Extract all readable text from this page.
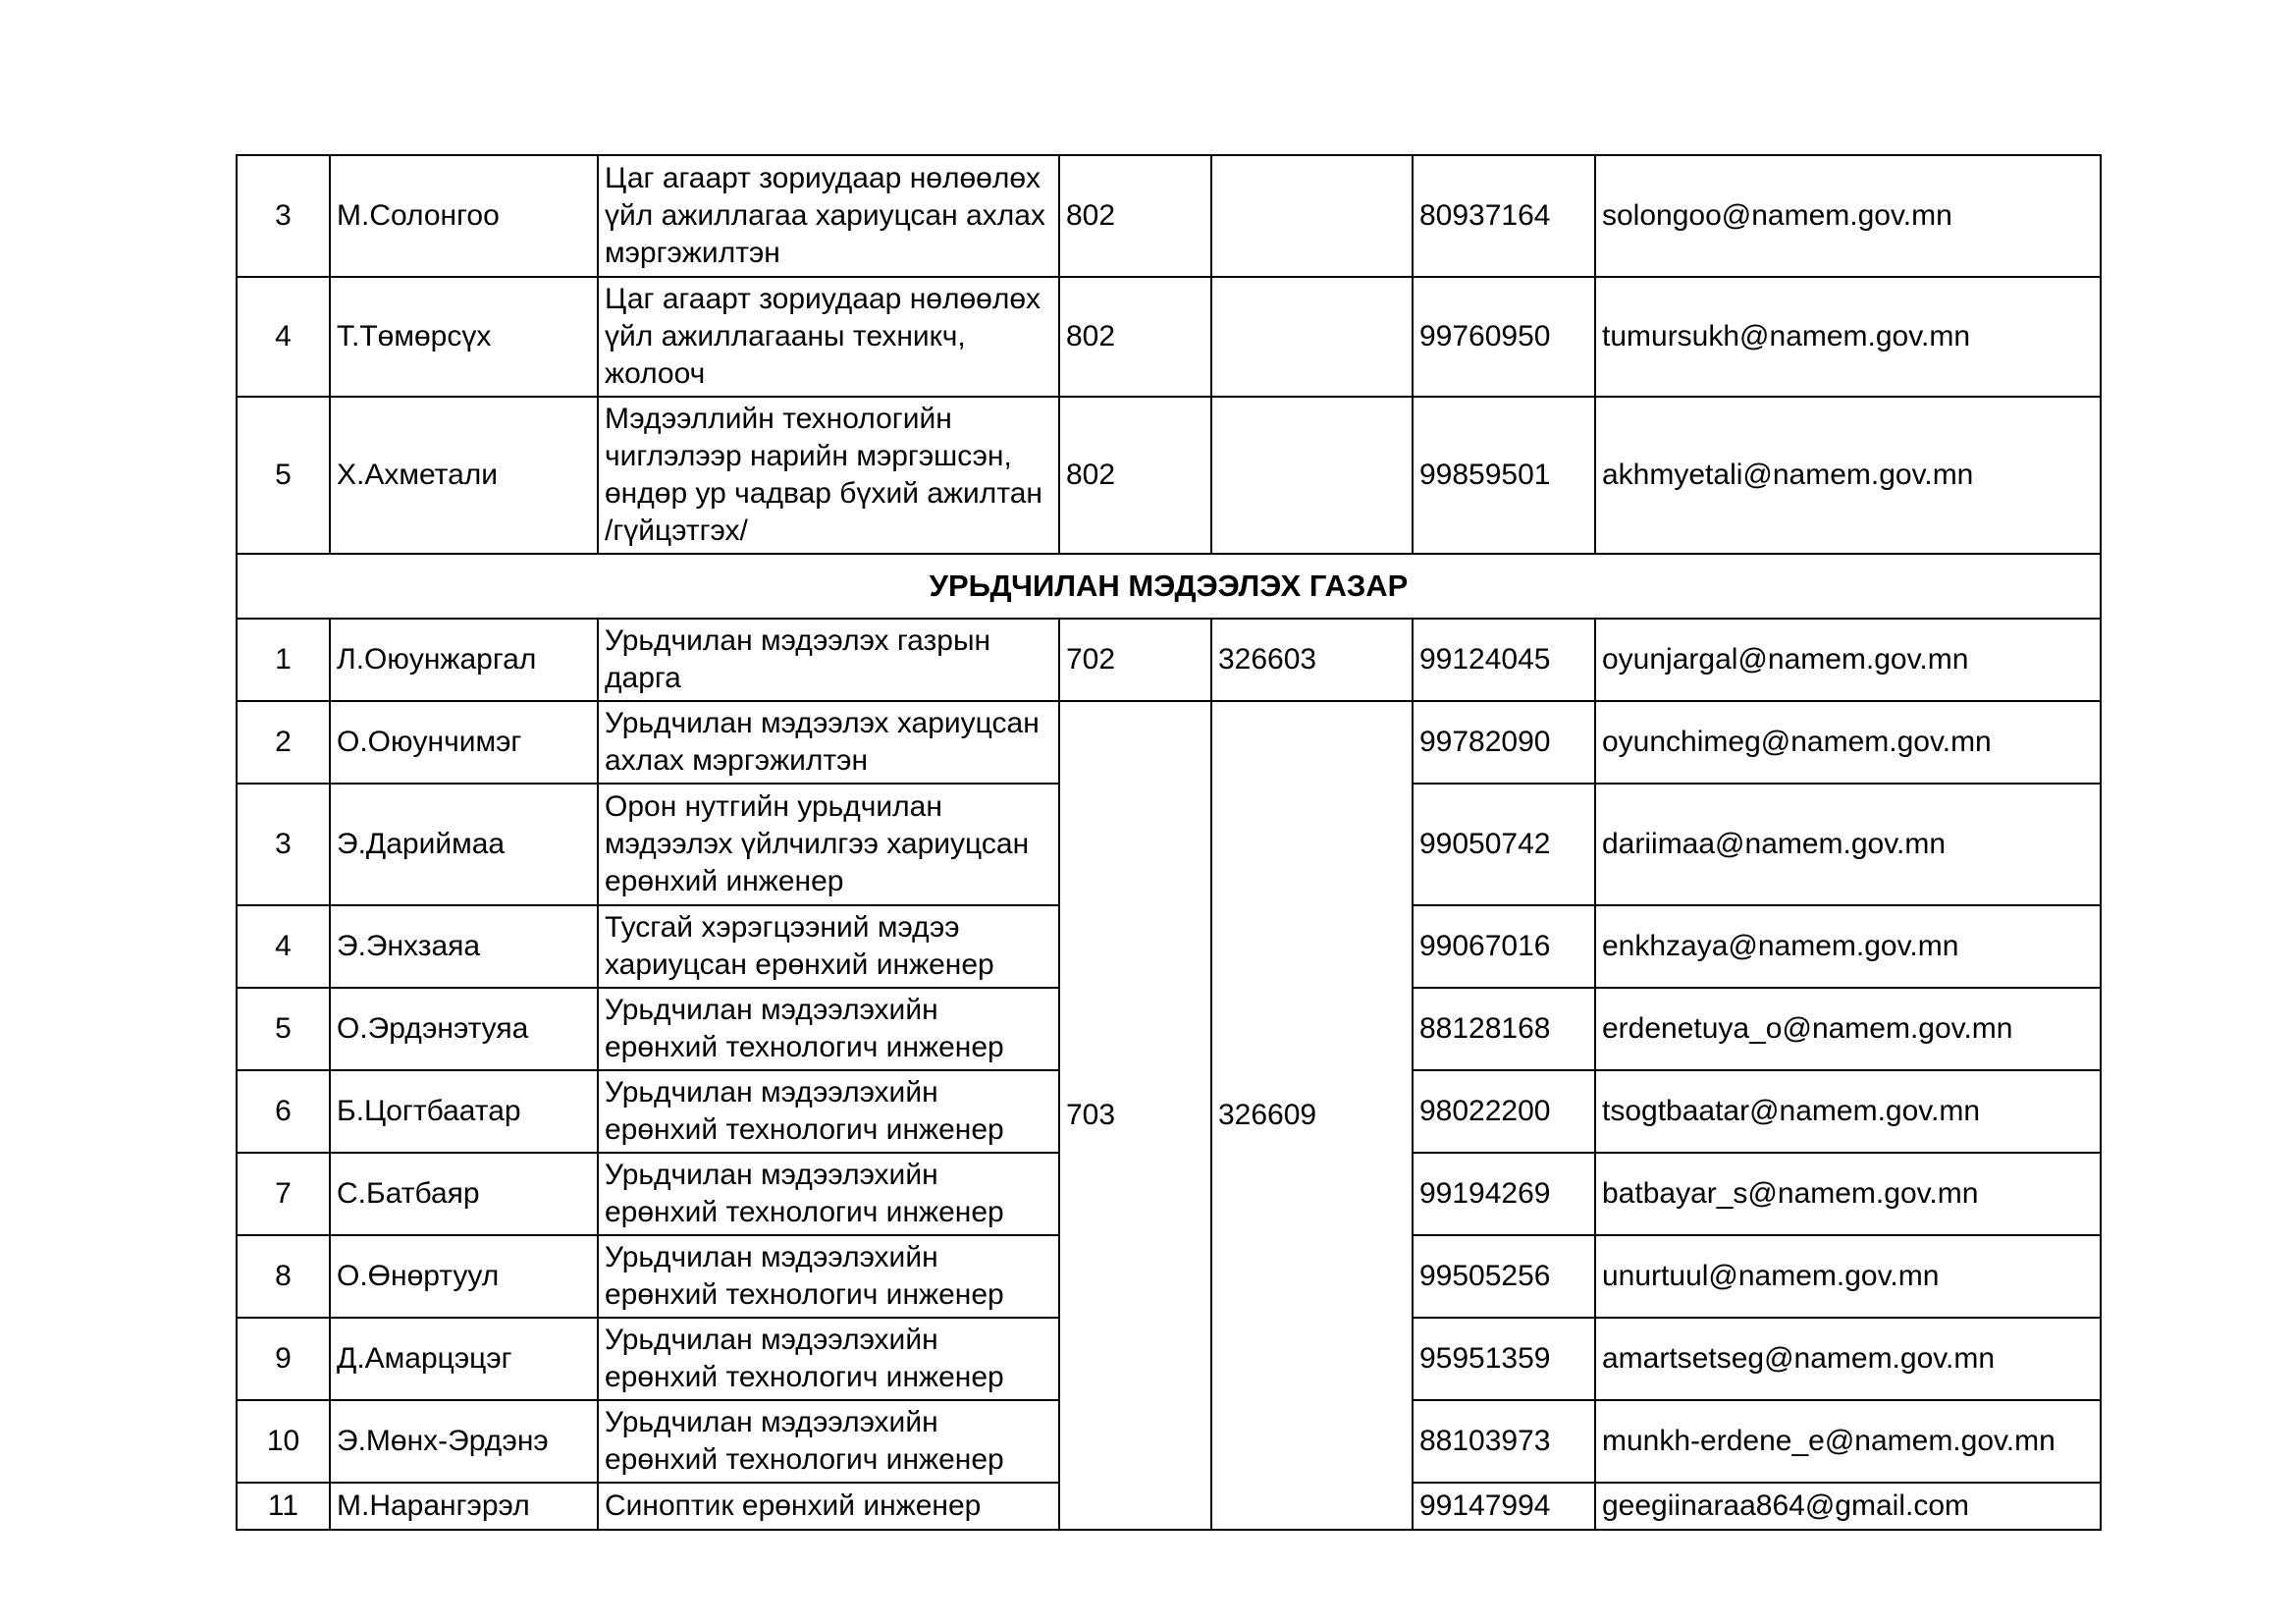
3	М.Солонгоо	Цаг агаарт зориудаар нөлөөлөх үйл ажиллагаа хариуцсан ахлах мэргэжилтэн	802		80937164	solongoo@namem.gov.mn
4	Т.Төмөрсүх	Цаг агаарт зориудаар нөлөөлөх үйл ажиллагааны техникч, жолооч	802		99760950	tumursukh@namem.gov.mn
5	Х.Ахметали	Мэдээллийн технологийн чиглэлээр нарийн мэргэшсэн, өндөр ур чадвар бүхий ажилтан /гүйцэтгэх/	802		99859501	akhmyetali@namem.gov.mn
УРЬДЧИЛАН МЭДЭЭЛЭХ ГАЗАР						
1	Л.Оюунжаргал	Урьдчилан мэдээлэх газрын дарга	702	326603	99124045	oyunjargal@namem.gov.mn
2	О.Оюунчимэг	Урьдчилан мэдээлэх хариуцсан ахлах мэргэжилтэн	703	326609	99782090	oyunchimeg@namem.gov.mn
3	Э.Дариймаа	Орон нутгийн урьдчилан мэдээлэх үйлчилгээ хариуцсан ерөнхий инженер			99050742	dariimaa@namem.gov.mn
4	Э.Энхзаяа	Тусгай хэрэгцээний мэдээ хариуцсан ерөнхий инженер			99067016	enkhzaya@namem.gov.mn
5	О.Эрдэнэтуяа	Урьдчилан мэдээлэхийн ерөнхий технологич инженер			88128168	erdenetuya_o@namem.gov.mn
6	Б.Цогтбаатар	Урьдчилан мэдээлэхийн ерөнхий технологич инженер			98022200	tsogtbaatar@namem.gov.mn
7	С.Батбаяр	Урьдчилан мэдээлэхийн ерөнхий технологич инженер			99194269	batbayar_s@namem.gov.mn
8	О.Өнөртуул	Урьдчилан мэдээлэхийн ерөнхий технологич инженер			99505256	unurtuul@namem.gov.mn
9	Д.Амарцэцэг	Урьдчилан мэдээлэхийн ерөнхий технологич инженер			95951359	amartsetseg@namem.gov.mn
10	Э.Мөнх-Эрдэнэ	Урьдчилан мэдээлэхийн ерөнхий технологич инженер			88103973	munkh-erdene_e@namem.gov.mn
11	М.Нарангэрэл	Синоптик ерөнхий инженер			99147994	geegiinaraa864@gmail.com
